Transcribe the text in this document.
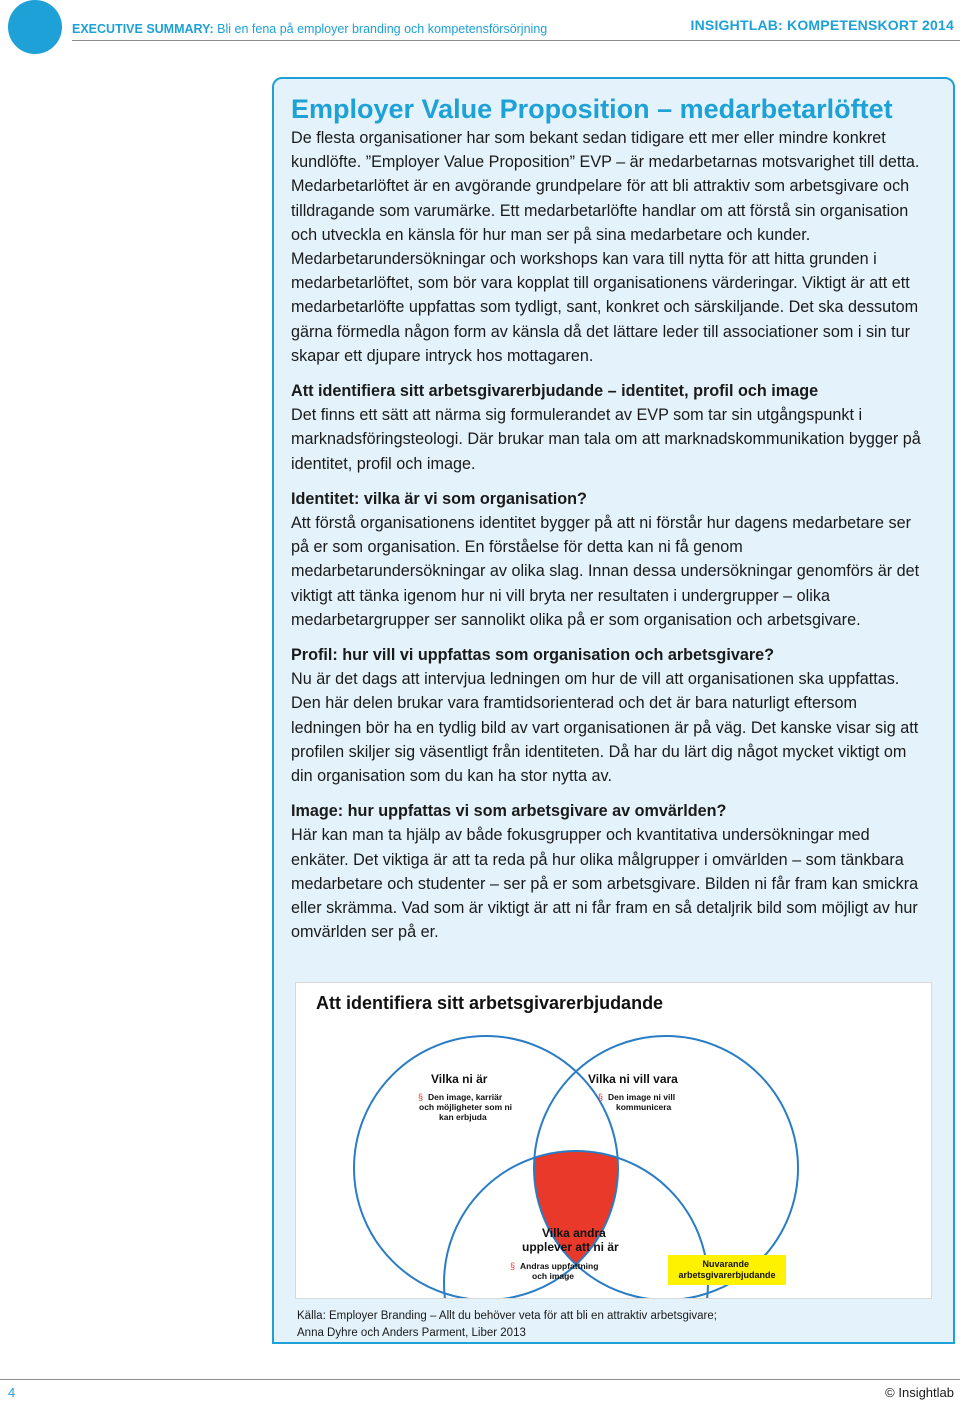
EXECUTIVE SUMMARY: Bli en fena på employer branding och kompetensförsörjning	INSIGHTLAB: KOMPETENSKORT 2014
Employer Value Proposition – medarbetarlöftet

De flesta organisationer har som bekant sedan tidigare ett mer eller mindre konkret kundlöfte. ”Employer Value Proposition” EVP – är medarbetarnas motsvarighet till detta. Medarbetarlöftet är en avgörande grundpelare för att bli attraktiv som arbetsgivare och tilldragande som varumärke. Ett medarbetarlöfte handlar om att förstå sin organisation och utveckla en känsla för hur man ser på sina medarbetare och kunder. Medarbetarundersökningar och workshops kan vara till nytta för att hitta grunden i medarbetarlöftet, som bör vara kopplat till organisationens värderingar. Viktigt är att ett medarbetarlöfte uppfattas som tydligt, sant, konkret och särskiljande. Det ska dessutom gärna förmedla någon form av känsla då det lättare leder till associationer som i sin tur skapar ett djupare intryck hos mottagaren.

Att identifiera sitt arbetsgivarerbjudande – identitet, profil och image

Det finns ett sätt att närma sig formulerandet av EVP som tar sin utgångspunkt i marknadsföringsteologi. Där brukar man tala om att marknadskommunikation bygger på identitet, profil och image.

Identitet: vilka är vi som organisation?

Att förstå organisationens identitet bygger på att ni förstår hur dagens medarbetare ser på er som organisation. En förståelse för detta kan ni få genom medarbetarundersökningar av olika slag. Innan dessa undersökningar genomförs är det viktigt att tänka igenom hur ni vill bryta ner resultaten i undergrupper – olika medarbetargrupper ser sannolikt olika på er som organisation och arbetsgivare.

Profil: hur vill vi uppfattas som organisation och arbetsgivare?

Nu är det dags att intervjua ledningen om hur de vill att organisationen ska uppfattas. Den här delen brukar vara framtidsorienterad och det är bara naturligt eftersom ledningen bör ha en tydlig bild av vart organisationen är på väg. Det kanske visar sig att profilen skiljer sig väsentligt från identiteten. Då har du lärt dig något mycket viktigt om din organisation som du kan ha stor nytta av.

Image: hur uppfattas vi som arbetsgivare av omvärlden?

Här kan man ta hjälp av både fokusgrupper och kvantitativa undersökningar med enkäter. Det viktiga är att ta reda på hur olika målgrupper i omvärlden – som tänkbara medarbetare och studenter – ser på er som arbetsgivare. Bilden ni får fram kan smickra eller skrämma. Vad som är viktigt är att ni får fram en så detaljrik bild som möjligt av hur omvärlden ser på er.

Att identifiera sitt arbetsgivarerbjudande
Vilka ni är
§ Den image, karriär och möjligheter som ni kan erbjuda
Vilka ni vill vara
§ Den image ni vill kommunicera
Vilka andra upplever att ni är
§ Andras uppfattning och image
Nuvarande arbetsgivarerbjudande
Källa: Employer Branding – Allt du behöver veta för att bli en attraktiv arbetsgivare;
Anna Dyhre och Anders Parment, Liber 2013
4	© Insightlab
